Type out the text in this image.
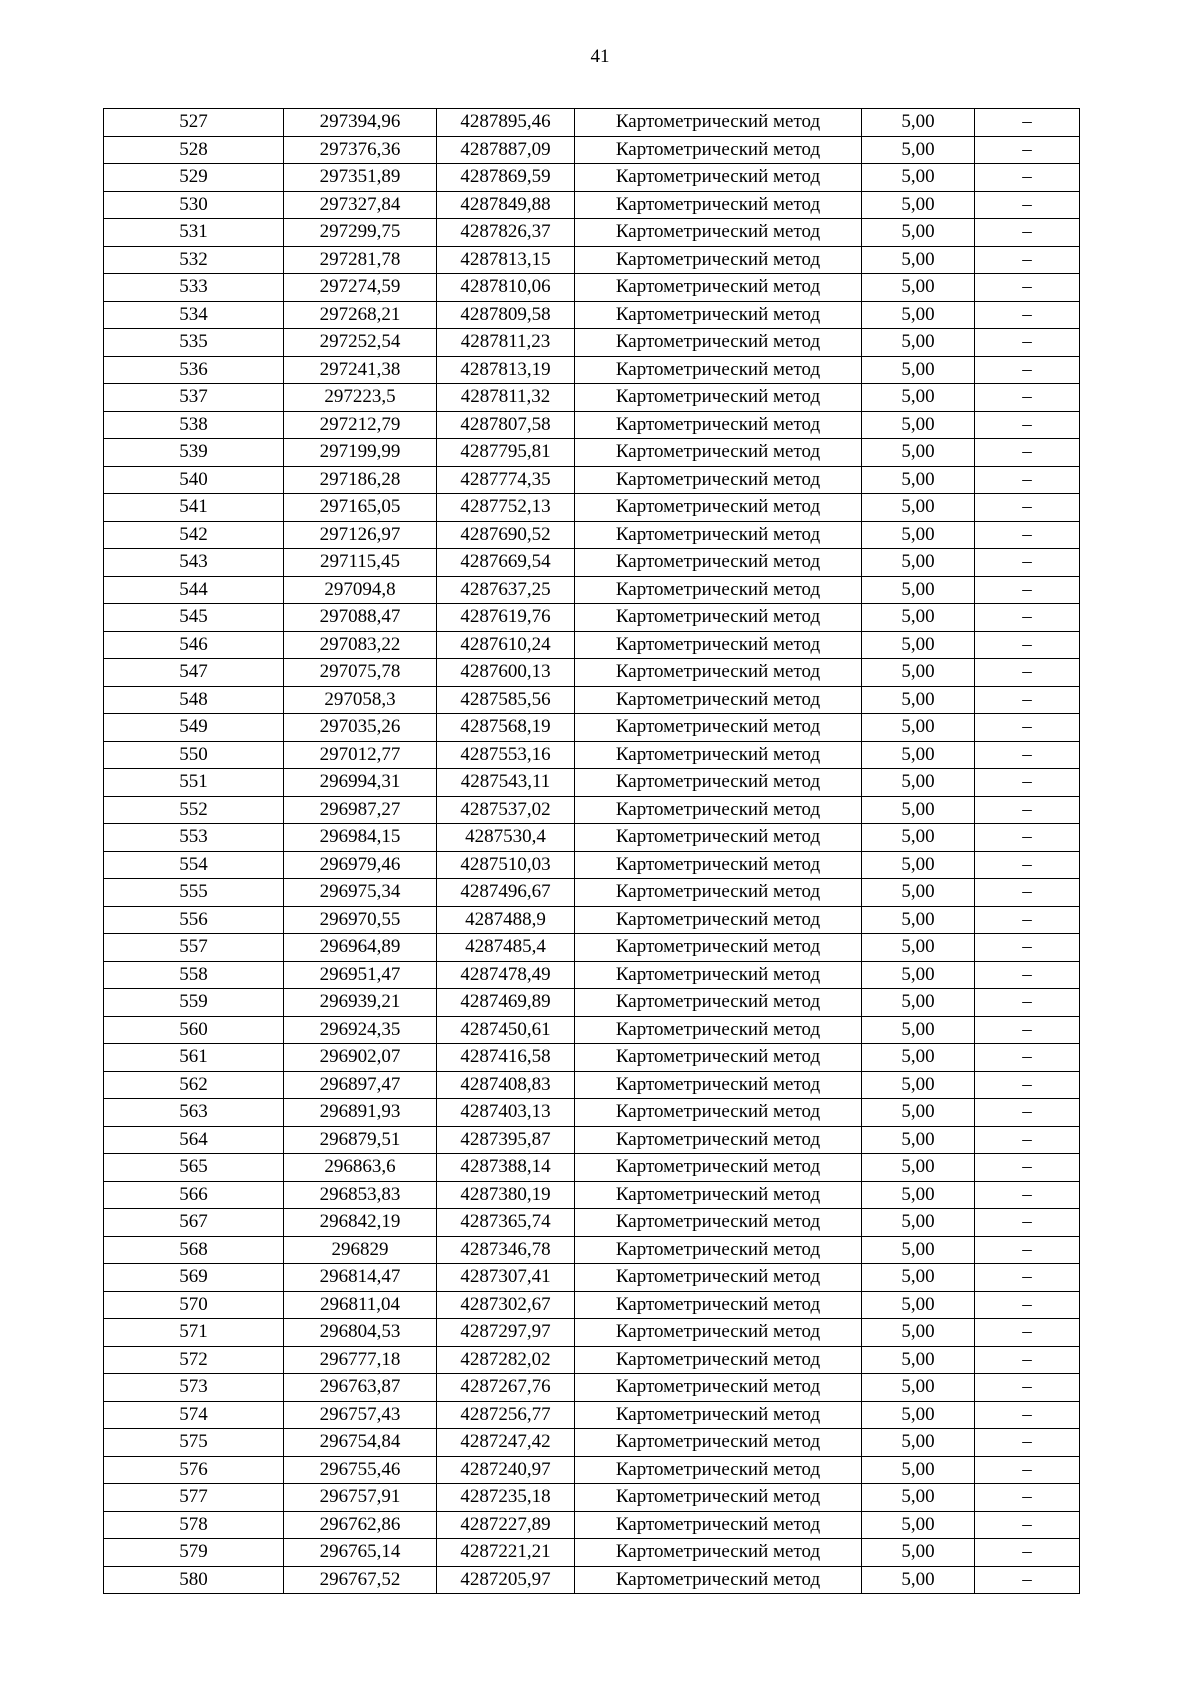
41
527	297394,96	4287895,46	Картометрический метод	5,00	–
528	297376,36	4287887,09	Картометрический метод	5,00	–
529	297351,89	4287869,59	Картометрический метод	5,00	–
530	297327,84	4287849,88	Картометрический метод	5,00	–
531	297299,75	4287826,37	Картометрический метод	5,00	–
532	297281,78	4287813,15	Картометрический метод	5,00	–
533	297274,59	4287810,06	Картометрический метод	5,00	–
534	297268,21	4287809,58	Картометрический метод	5,00	–
535	297252,54	4287811,23	Картометрический метод	5,00	–
536	297241,38	4287813,19	Картометрический метод	5,00	–
537	297223,5	4287811,32	Картометрический метод	5,00	–
538	297212,79	4287807,58	Картометрический метод	5,00	–
539	297199,99	4287795,81	Картометрический метод	5,00	–
540	297186,28	4287774,35	Картометрический метод	5,00	–
541	297165,05	4287752,13	Картометрический метод	5,00	–
542	297126,97	4287690,52	Картометрический метод	5,00	–
543	297115,45	4287669,54	Картометрический метод	5,00	–
544	297094,8	4287637,25	Картометрический метод	5,00	–
545	297088,47	4287619,76	Картометрический метод	5,00	–
546	297083,22	4287610,24	Картометрический метод	5,00	–
547	297075,78	4287600,13	Картометрический метод	5,00	–
548	297058,3	4287585,56	Картометрический метод	5,00	–
549	297035,26	4287568,19	Картометрический метод	5,00	–
550	297012,77	4287553,16	Картометрический метод	5,00	–
551	296994,31	4287543,11	Картометрический метод	5,00	–
552	296987,27	4287537,02	Картометрический метод	5,00	–
553	296984,15	4287530,4	Картометрический метод	5,00	–
554	296979,46	4287510,03	Картометрический метод	5,00	–
555	296975,34	4287496,67	Картометрический метод	5,00	–
556	296970,55	4287488,9	Картометрический метод	5,00	–
557	296964,89	4287485,4	Картометрический метод	5,00	–
558	296951,47	4287478,49	Картометрический метод	5,00	–
559	296939,21	4287469,89	Картометрический метод	5,00	–
560	296924,35	4287450,61	Картометрический метод	5,00	–
561	296902,07	4287416,58	Картометрический метод	5,00	–
562	296897,47	4287408,83	Картометрический метод	5,00	–
563	296891,93	4287403,13	Картометрический метод	5,00	–
564	296879,51	4287395,87	Картометрический метод	5,00	–
565	296863,6	4287388,14	Картометрический метод	5,00	–
566	296853,83	4287380,19	Картометрический метод	5,00	–
567	296842,19	4287365,74	Картометрический метод	5,00	–
568	296829	4287346,78	Картометрический метод	5,00	–
569	296814,47	4287307,41	Картометрический метод	5,00	–
570	296811,04	4287302,67	Картометрический метод	5,00	–
571	296804,53	4287297,97	Картометрический метод	5,00	–
572	296777,18	4287282,02	Картометрический метод	5,00	–
573	296763,87	4287267,76	Картометрический метод	5,00	–
574	296757,43	4287256,77	Картометрический метод	5,00	–
575	296754,84	4287247,42	Картометрический метод	5,00	–
576	296755,46	4287240,97	Картометрический метод	5,00	–
577	296757,91	4287235,18	Картометрический метод	5,00	–
578	296762,86	4287227,89	Картометрический метод	5,00	–
579	296765,14	4287221,21	Картометрический метод	5,00	–
580	296767,52	4287205,97	Картометрический метод	5,00	–
